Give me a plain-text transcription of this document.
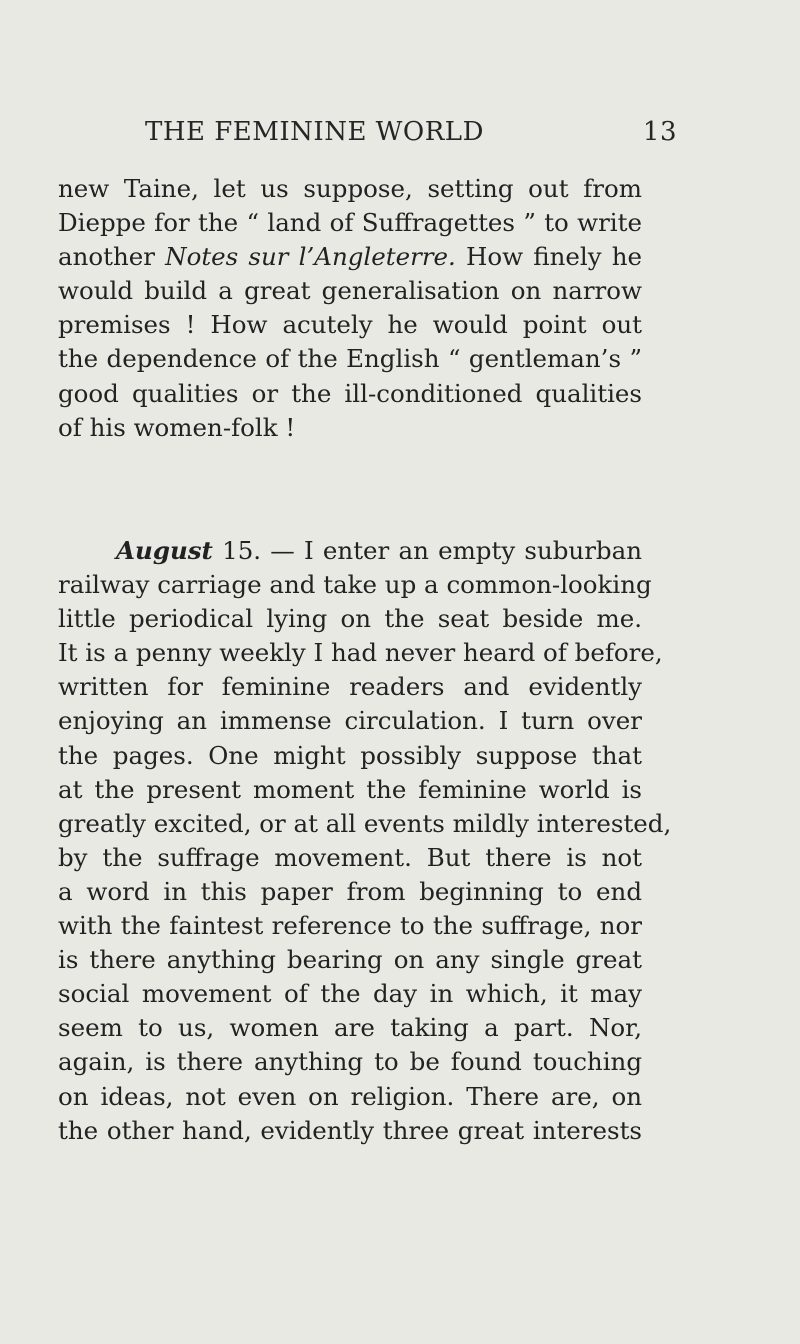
THE FEMININE WORLD	13
new Taine, let us suppose, setting out from
Dieppe for the “ land of Suffragettes ” to write
another Notes sur l’Angleterre. How finely he
would build a great generalisation on narrow
premises ! How acutely he would point out
the dependence of the English “ gentleman’s ”
good qualities or the ill-conditioned qualities
of his women-folk !
August 15. — I enter an empty suburban
railway carriage and take up a common-looking
little periodical lying on the seat beside me.
It is a penny weekly I had never heard of before,
written for feminine readers and evidently
enjoying an immense circulation. I turn over
the pages. One might possibly suppose that
at the present moment the feminine world is
greatly excited, or at all events mildly interested,
by the suffrage movement. But there is not
a word in this paper from beginning to end
with the faintest reference to the suffrage, nor
is there anything bearing on any single great
social movement of the day in which, it may
seem to us, women are taking a part. Nor,
again, is there anything to be found touching
on ideas, not even on religion. There are, on
the other hand, evidently three great interests
